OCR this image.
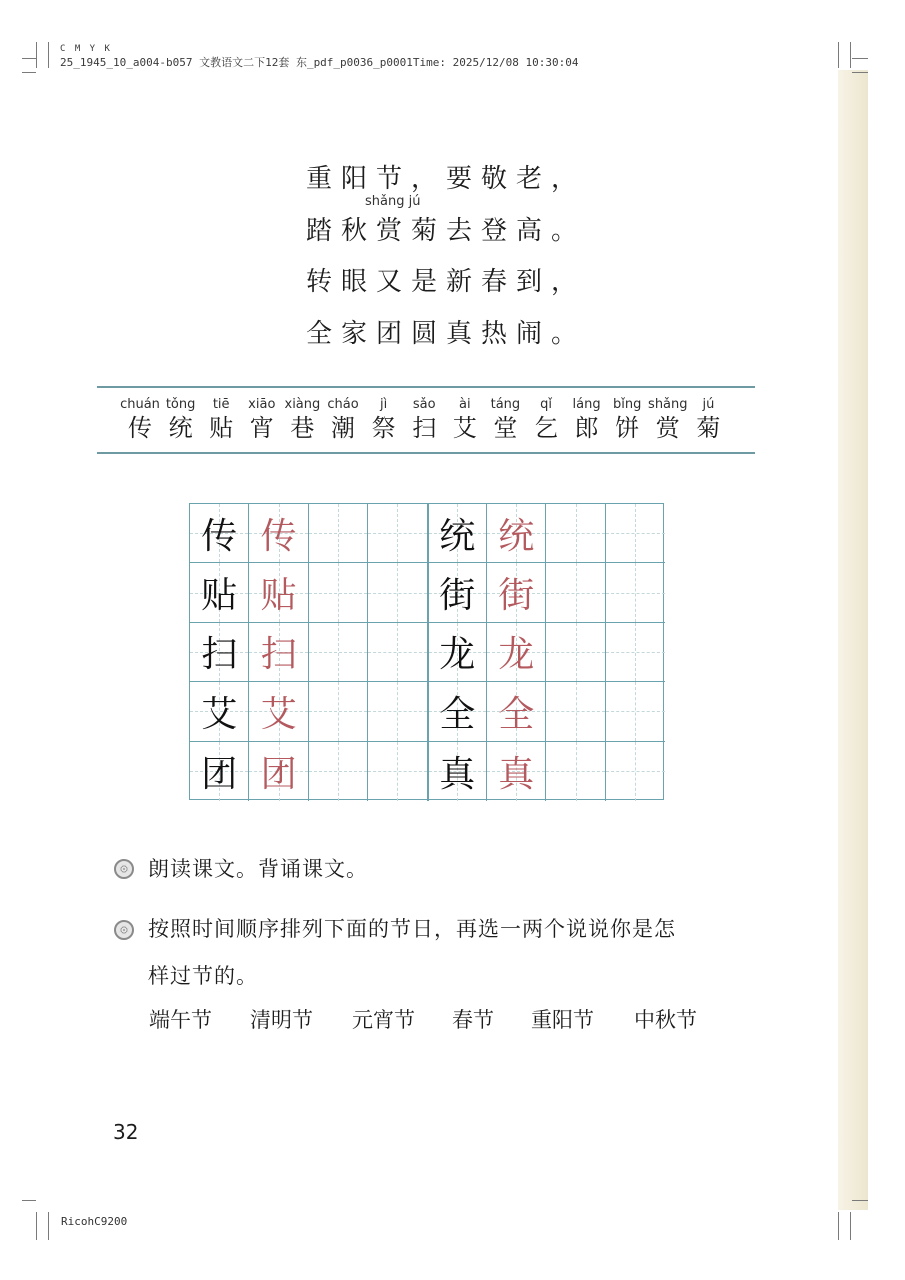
C M Y K
25_1945_10_a004-b057 文教语文二下12套 东_pdf_p0036_p0001Time: 2025/12/08 10:30:04
shǎng jú
重阳节，要敬老，
踏秋赏菊去登高。
转眼又是新春到，
全家团圆真热闹。
chuán
传
tǒng
统
tiē
贴
xiāo
宵
xiàng
巷
cháo
潮
jì
祭
sǎo
扫
ài
艾
táng
堂
qǐ
乞
láng
郎
bǐng
饼
shǎng
赏
jú
菊
传 传	统 统
贴 贴	街 街
扫 扫	龙 龙
艾 艾	全 全
团 团	真 真
朗读课文。背诵课文。
按照时间顺序排列下面的节日，再选一两个说说你是怎
样过节的。
端午节 清明节 元宵节 春节 重阳节 中秋节
32
RicohC9200
